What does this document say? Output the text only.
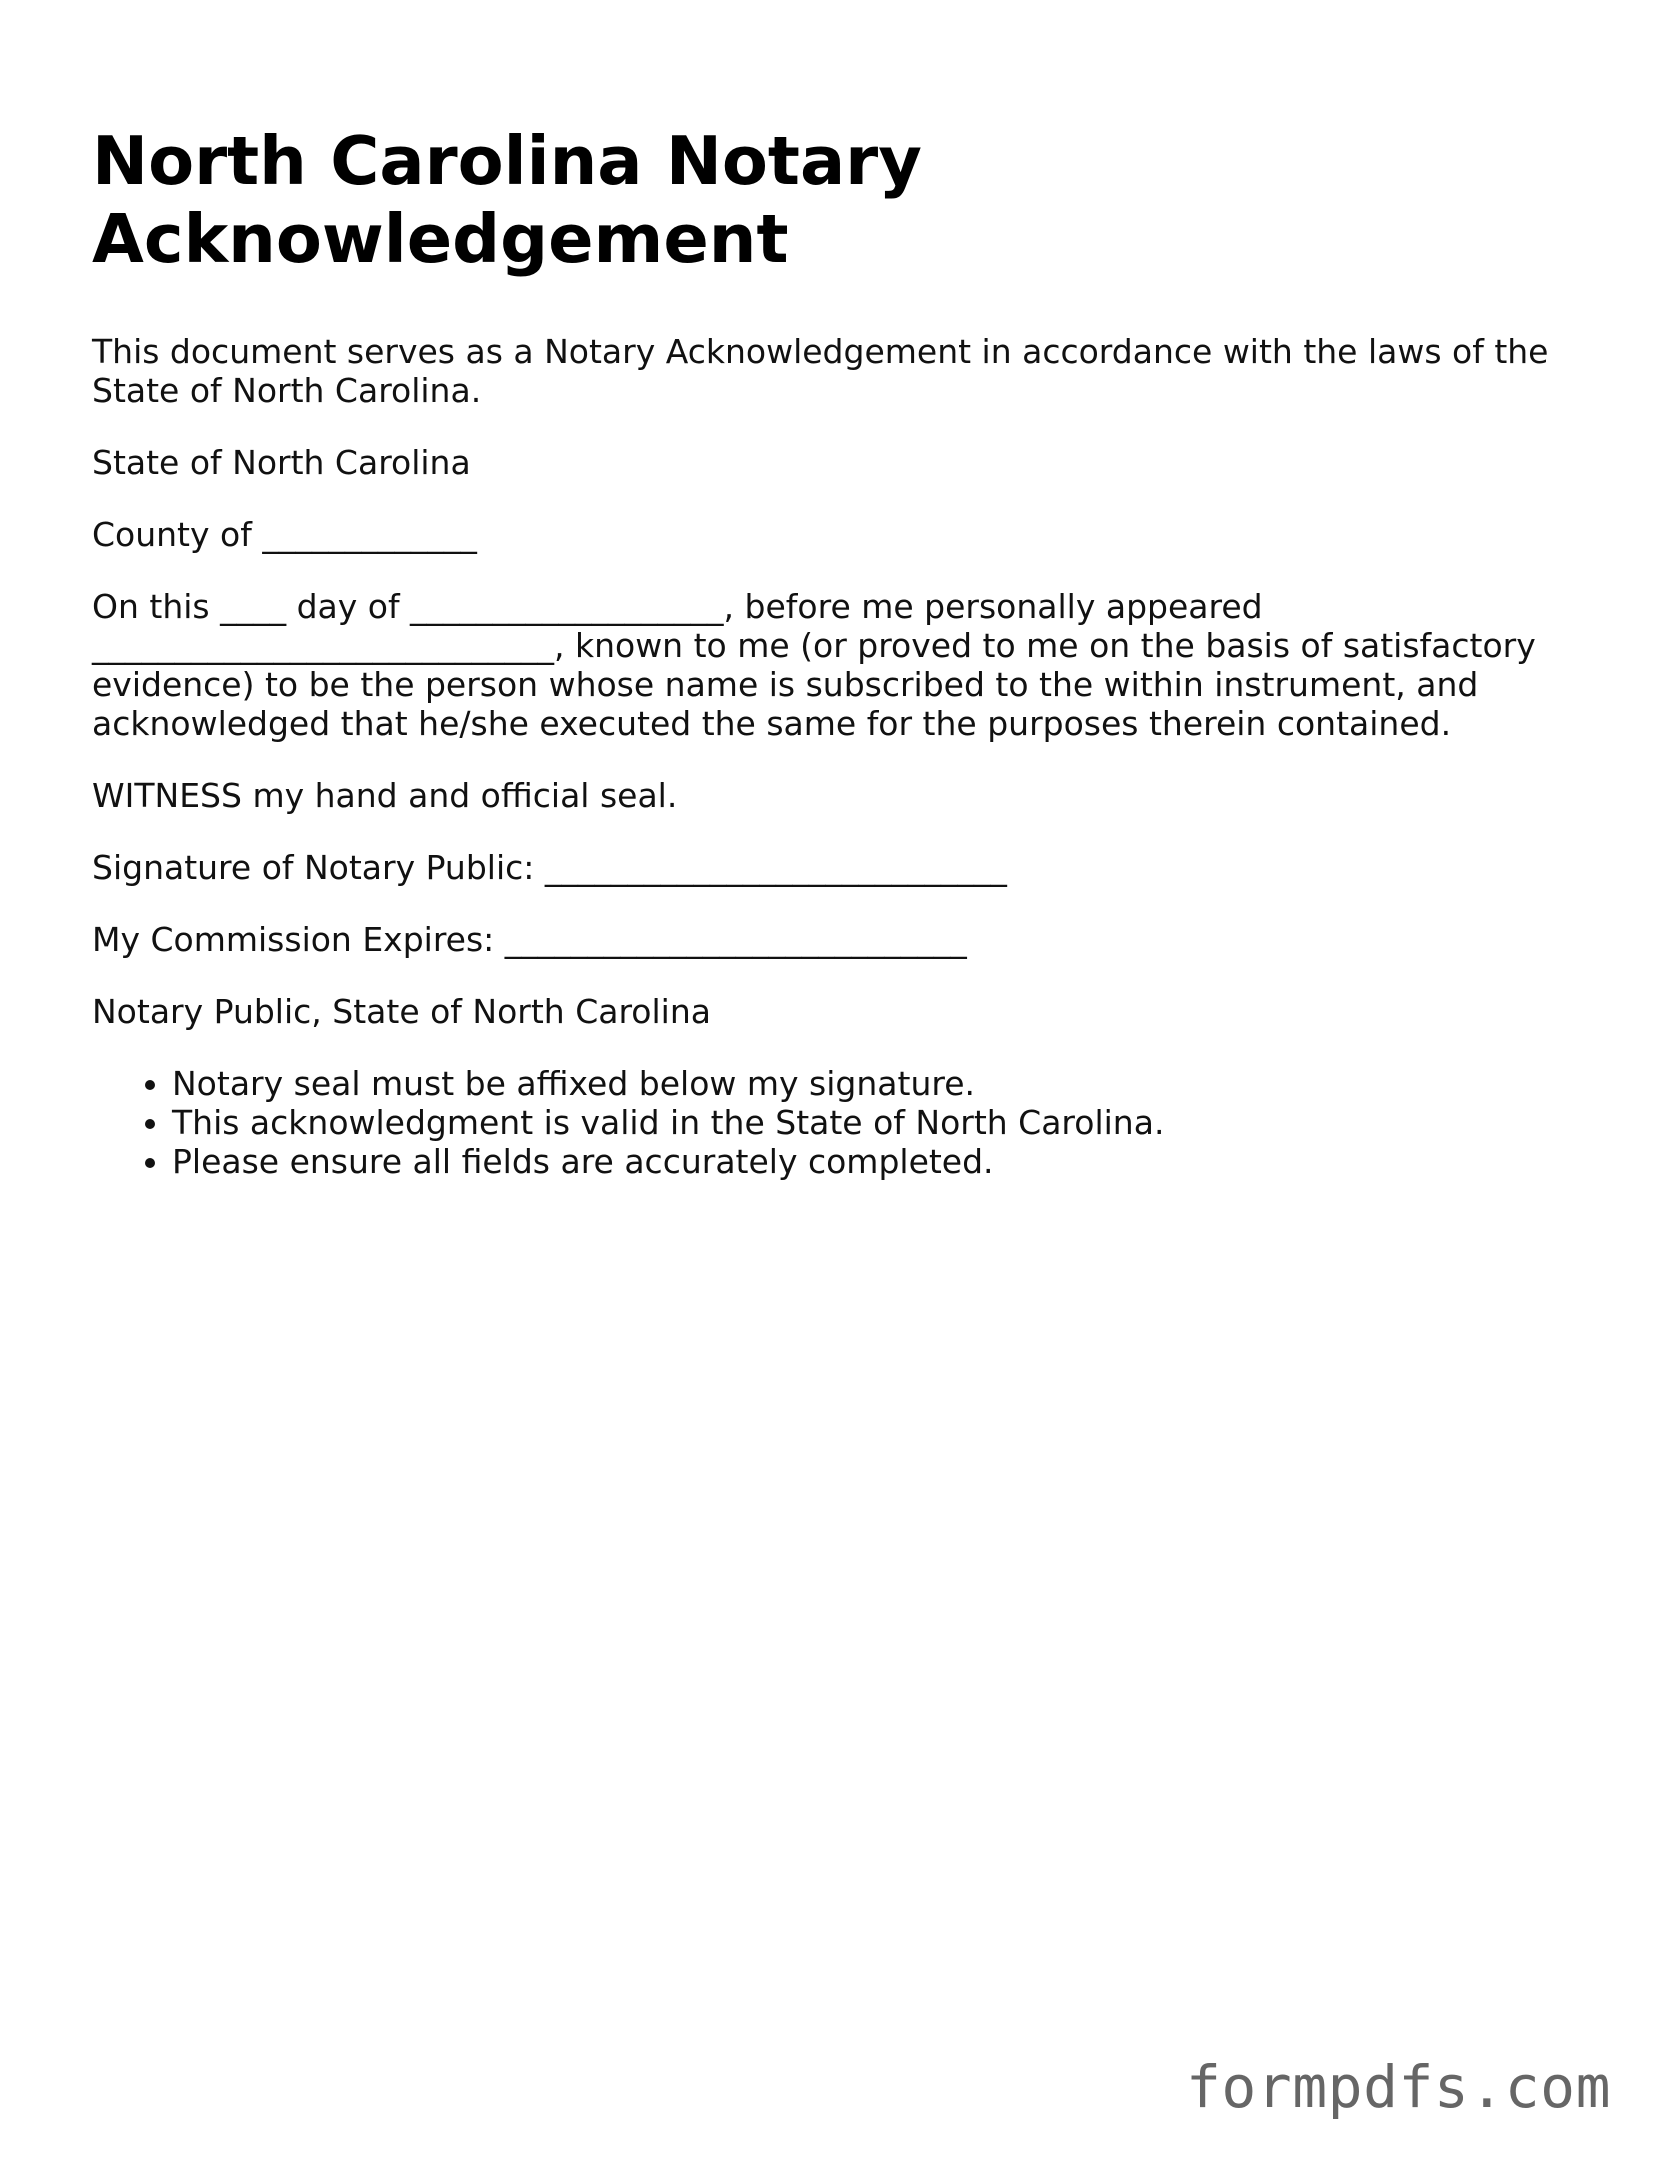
North Carolina Notary Acknowledgement

This document serves as a Notary Acknowledgement in accordance with the laws of the State of North Carolina.

State of North Carolina

County of _____________

On this ____ day of ___________________, before me personally appeared ____________________________, known to me (or proved to me on the basis of satisfactory evidence) to be the person whose name is subscribed to the within instrument, and acknowledged that he/she executed the same for the purposes therein contained.

WITNESS my hand and official seal.

Signature of Notary Public: ____________________________

My Commission Expires: ____________________________

Notary Public, State of North Carolina

• Notary seal must be affixed below my signature.
• This acknowledgment is valid in the State of North Carolina.
• Please ensure all fields are accurately completed.
formpdfs.com
